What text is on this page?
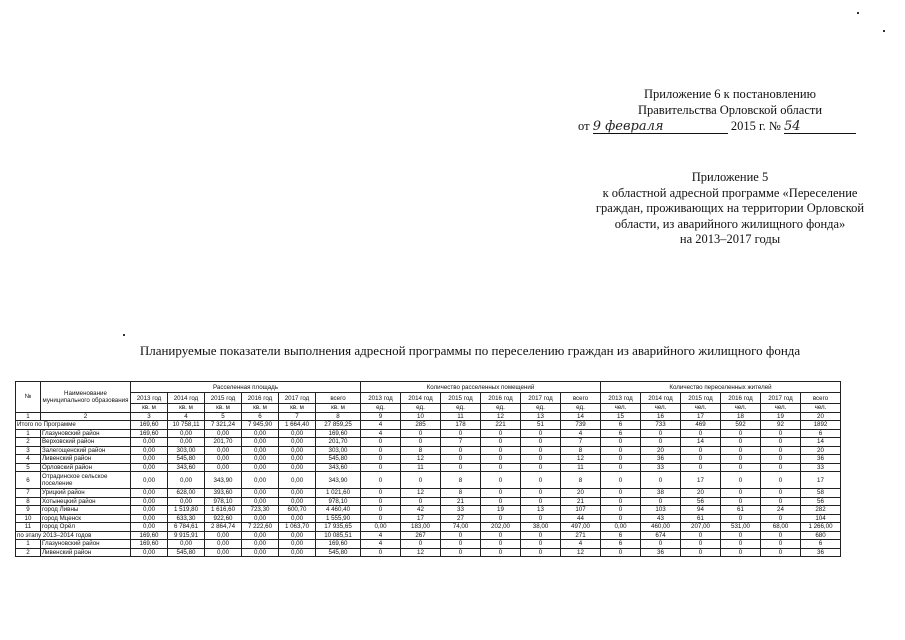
Приложение 6 к постановлению
Правительства Орловской области
от 9 февраля	2015 г. № 54
Приложение 5
к областной адресной программе «Переселение
граждан, проживающих на территории Орловской
области, из аварийного жилищного фонда»
на 2013–2017 годы
Планируемые показатели выполнения адресной программы по переселению граждан из аварийного жилищного фонда
№	Наименование муниципального образования	Расселенная площадь						Количество расселенных помещений						Количество переселенных жителей					
		2013 год	2014 год	2015 год	2016 год	2017 год	всего	2013 год	2014 год	2015 год	2016 год	2017 год	всего	2013 год	2014 год	2015 год	2016 год	2017 год	всего
		кв. м	кв. м	кв. м	кв. м	кв. м	кв. м	ед.	ед.	ед.	ед.	ед.	ед.	чел.	чел.	чел.	чел.	чел.	чел.
1	2	3	4	5	6	7	8	9	10	11	12	13	14	15	16	17	18	19	20
Итого по Программе		169,60	10 758,11	7 321,24	7 945,90	1 664,40	27 859,25	4	285	178	221	51	739	6	733	469	592	92	1892
1	Глазуновский район	169,60	0,00	0,00	0,00	0,00	169,60	4	0	0	0	0	4	6	0	0	0	0	6
2	Верховский район	0,00	0,00	201,70	0,00	0,00	201,70	0	0	7	0	0	7	0	0	14	0	0	14
3	Залегощенский район	0,00	303,00	0,00	0,00	0,00	303,00	0	8	0	0	0	8	0	20	0	0	0	20
4	Ливенский район	0,00	545,80	0,00	0,00	0,00	545,80	0	12	0	0	0	12	0	36	0	0	0	36
5	Орловский район	0,00	343,60	0,00	0,00	0,00	343,60	0	11	0	0	0	11	0	33	0	0	0	33
6	Отрадинское сельское поселение	0,00	0,00	343,90	0,00	0,00	343,90	0	0	8	0	0	8	0	0	17	0	0	17
7	Урицкий район	0,00	628,00	393,60	0,00	0,00	1 021,60	0	12	8	0	0	20	0	38	20	0	0	58
8	Хотынецкий район	0,00	0,00	978,10	0,00	0,00	978,10	0	0	21	0	0	21	0	0	56	0	0	56
9	город Ливны	0,00	1 519,80	1 616,60	723,30	600,70	4 460,40	0	42	33	19	13	107	0	103	94	61	24	282
10	город Мценск	0,00	633,30	922,60	0,00	0,00	1 555,90	0	17	27	0	0	44	0	43	61	0	0	104
11	город Орёл	0,00	6 784,61	2 864,74	7 222,60	1 063,70	17 935,65	0,00	183,00	74,00	202,00	38,00	497,00	0,00	460,00	207,00	531,00	68,00	1 266,00
по этапу 2013–2014 годов		169,60	9 915,91	0,00	0,00	0,00	10 085,51	4	267	0	0	0	271	6	674	0	0	0	680
1	Глазуновский район	169,60	0,00	0,00	0,00	0,00	169,60	4	0	0	0	0	4	6	0	0	0	0	6
2	Ливенский район	0,00	545,80	0,00	0,00	0,00	545,80	0	12	0	0	0	12	0	36	0	0	0	36
